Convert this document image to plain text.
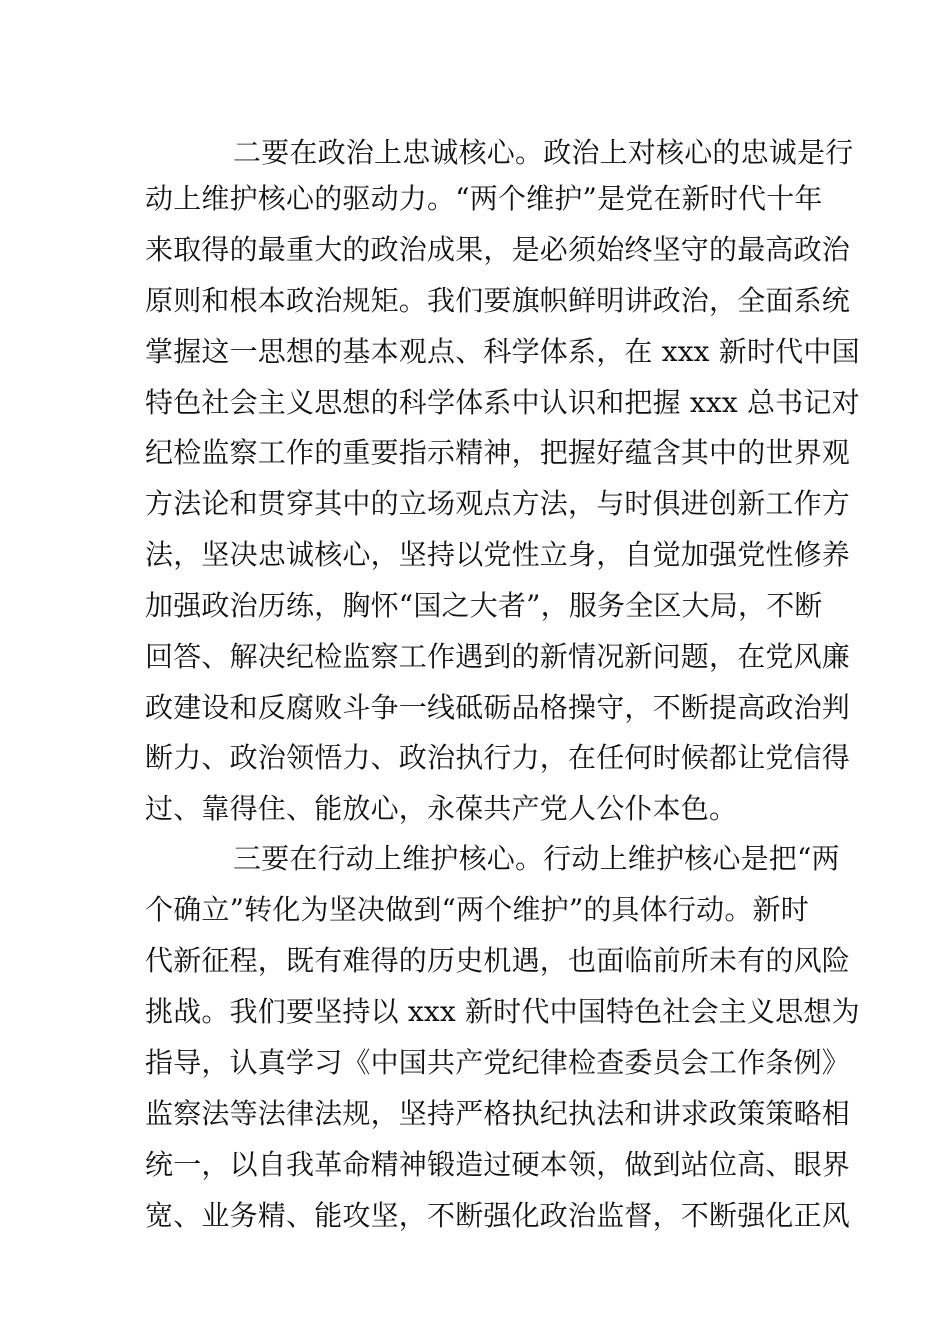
二要在政治上忠诚核心。政治上对核心的忠诚是行
动上维护核心的驱动力。“两个维护”是党在新时代十年
来取得的最重大的政治成果，是必须始终坚守的最高政治
原则和根本政治规矩。我们要旗帜鲜明讲政治，全面系统
掌握这一思想的基本观点、科学体系，在 xxx 新时代中国
特色社会主义思想的科学体系中认识和把握 xxx 总书记对
纪检监察工作的重要指示精神，把握好蕴含其中的世界观
方法论和贯穿其中的立场观点方法，与时俱进创新工作方
法，坚决忠诚核心，坚持以党性立身，自觉加强党性修养
加强政治历练，胸怀“国之大者”，服务全区大局，不断
回答、解决纪检监察工作遇到的新情况新问题，在党风廉
政建设和反腐败斗争一线砥砺品格操守，不断提高政治判
断力、政治领悟力、政治执行力，在任何时候都让党信得
过、靠得住、能放心，永葆共产党人公仆本色。
三要在行动上维护核心。行动上维护核心是把“两
个确立”转化为坚决做到“两个维护”的具体行动。新时
代新征程，既有难得的历史机遇，也面临前所未有的风险
挑战。我们要坚持以 xxx 新时代中国特色社会主义思想为
指导，认真学习《中国共产党纪律检查委员会工作条例》
监察法等法律法规，坚持严格执纪执法和讲求政策策略相
统一，以自我革命精神锻造过硬本领，做到站位高、眼界
宽、业务精、能攻坚，不断强化政治监督，不断强化正风
